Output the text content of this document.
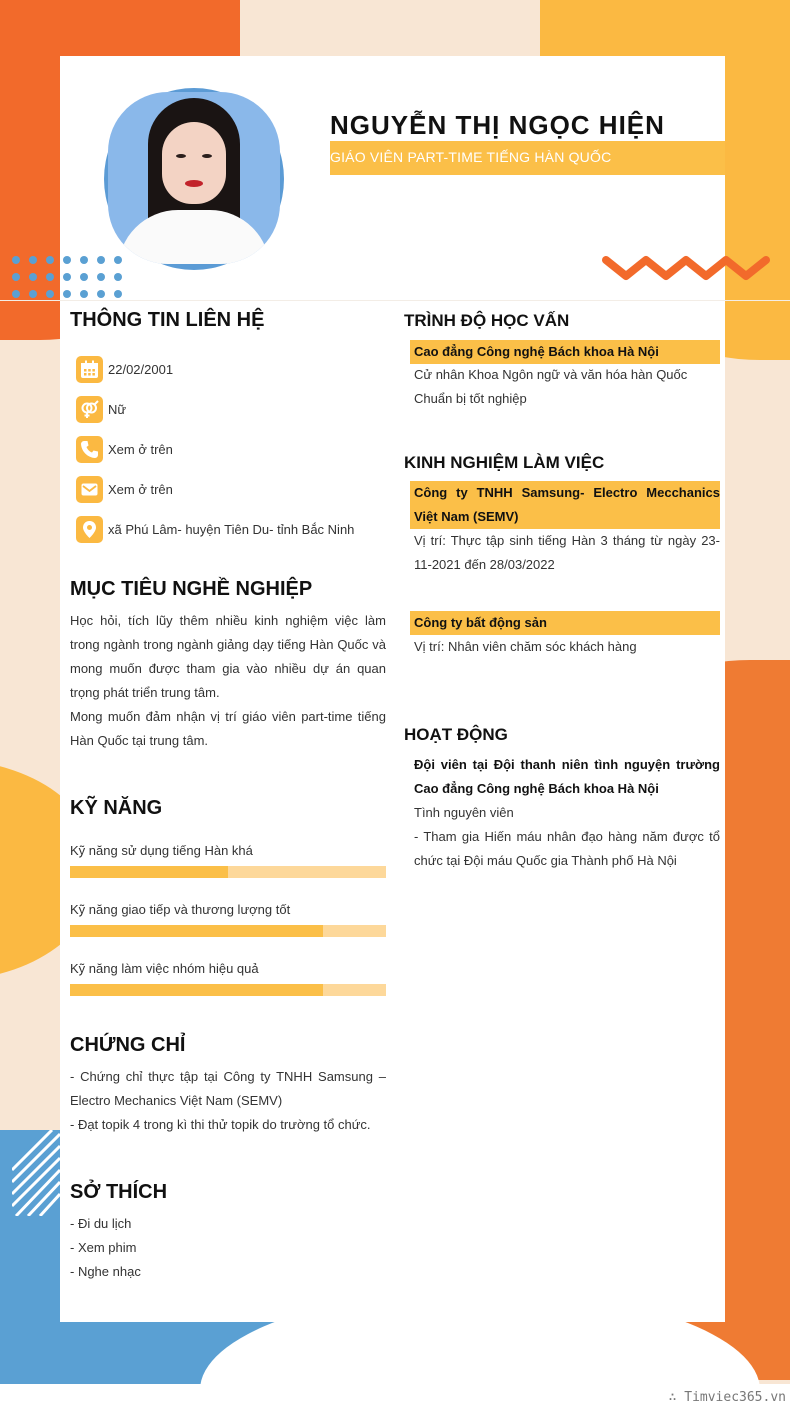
NGUYỄN THỊ NGỌC HIỆN
GIÁO VIÊN PART-TIME TIẾNG HÀN QUỐC
THÔNG TIN LIÊN HỆ
22/02/2001
Nữ
Xem ở trên
Xem ở trên
xã Phú Lâm- huyện Tiên Du- tỉnh Bắc Ninh
MỤC TIÊU NGHỀ NGHIỆP
Học hỏi, tích lũy thêm nhiều kinh nghiệm việc làm trong ngành trong ngành giảng dạy tiếng Hàn Quốc và mong muốn được tham gia vào nhiều dự án quan trọng phát triển trung tâm.
Mong muốn đảm nhận vị trí giáo viên part-time tiếng Hàn Quốc tại trung tâm.
KỸ NĂNG
Kỹ năng sử dụng tiếng Hàn khá
Kỹ năng giao tiếp và thương lượng tốt
Kỹ năng làm việc nhóm hiệu quả
CHỨNG CHỈ
- Chứng chỉ thực tập tại Công ty TNHH Samsung – Electro Mechanics Việt Nam (SEMV)
- Đạt topik 4 trong kì thi thử topik do trường tổ chức.
SỞ THÍCH
- Đi du lịch
- Xem phim
- Nghe nhạc
TRÌNH ĐỘ HỌC VẤN
Cao đẳng Công nghệ Bách khoa Hà Nội
Cử nhân Khoa Ngôn ngữ và văn hóa hàn Quốc
Chuẩn bị tốt nghiệp
KINH NGHIỆM LÀM VIỆC
Công ty TNHH Samsung- Electro Mecchanics Việt Nam (SEMV)
Vị trí: Thực tập sinh tiếng Hàn 3 tháng từ ngày 23-11-2021 đến 28/03/2022
Công ty bất động sản
Vị trí: Nhân viên chăm sóc khách hàng
HOẠT ĐỘNG
Đội viên tại Đội thanh niên tình nguyện trường Cao đẳng Công nghệ Bách khoa Hà Nội
Tình nguyên viên
- Tham gia Hiến máu nhân đạo hàng năm được tổ chức tại Đội máu Quốc gia Thành phố Hà Nội
∴ Timviec365.vn
